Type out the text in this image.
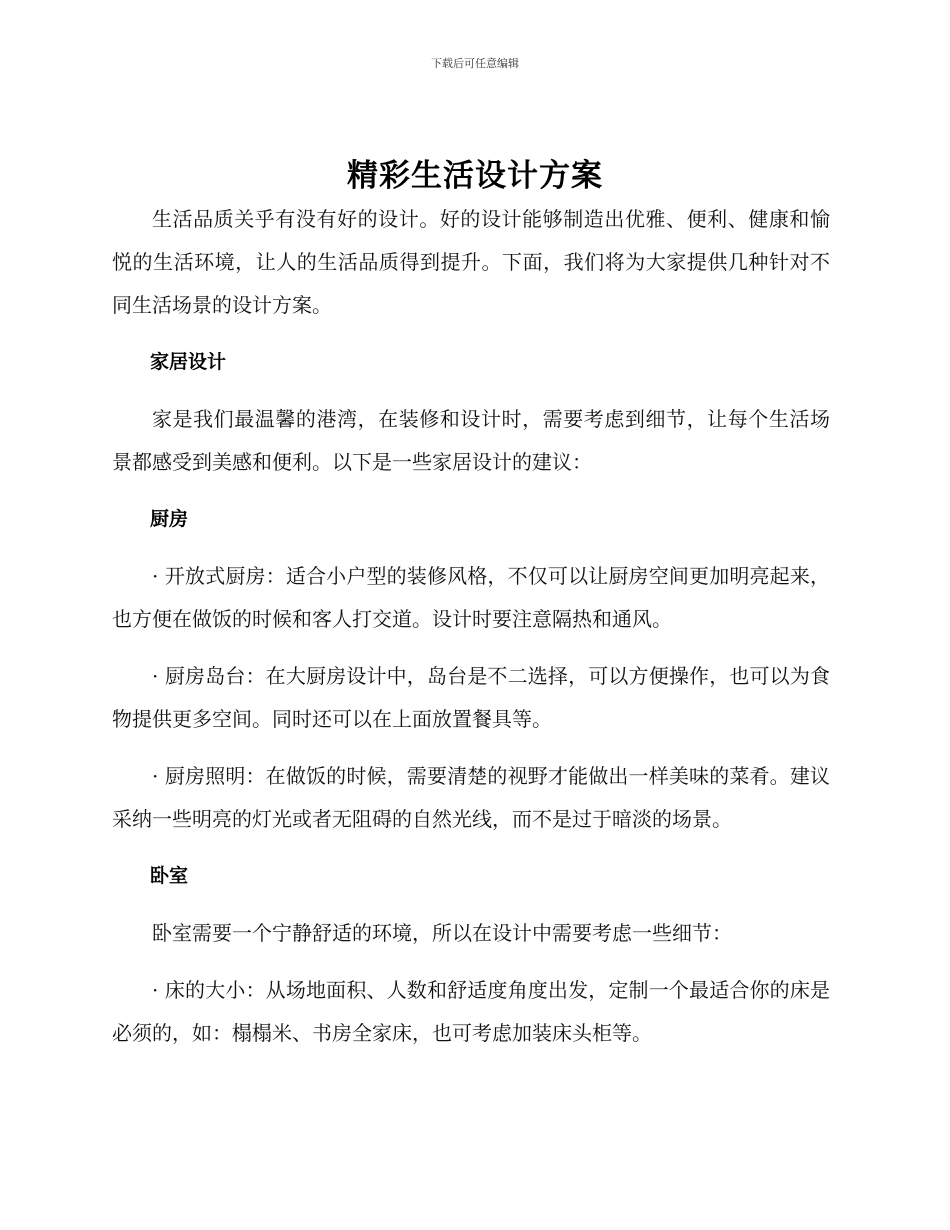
下载后可任意编辑
精彩生活设计方案

生活品质关乎有没有好的设计。好的设计能够制造出优雅、便利、健康和愉悦的生活环境，让人的生活品质得到提升。下面，我们将为大家提供几种针对不同生活场景的设计方案。

家居设计

家是我们最温馨的港湾，在装修和设计时，需要考虑到细节，让每个生活场景都感受到美感和便利。以下是一些家居设计的建议：

厨房

· 开放式厨房：适合小户型的装修风格，不仅可以让厨房空间更加明亮起来，也方便在做饭的时候和客人打交道。设计时要注意隔热和通风。

· 厨房岛台：在大厨房设计中，岛台是不二选择，可以方便操作，也可以为食物提供更多空间。同时还可以在上面放置餐具等。

· 厨房照明：在做饭的时候，需要清楚的视野才能做出一样美味的菜肴。建议采纳一些明亮的灯光或者无阻碍的自然光线，而不是过于暗淡的场景。

卧室

卧室需要一个宁静舒适的环境，所以在设计中需要考虑一些细节：

· 床的大小：从场地面积、人数和舒适度角度出发，定制一个最适合你的床是必须的，如：榻榻米、书房全家床，也可考虑加装床头柜等。
